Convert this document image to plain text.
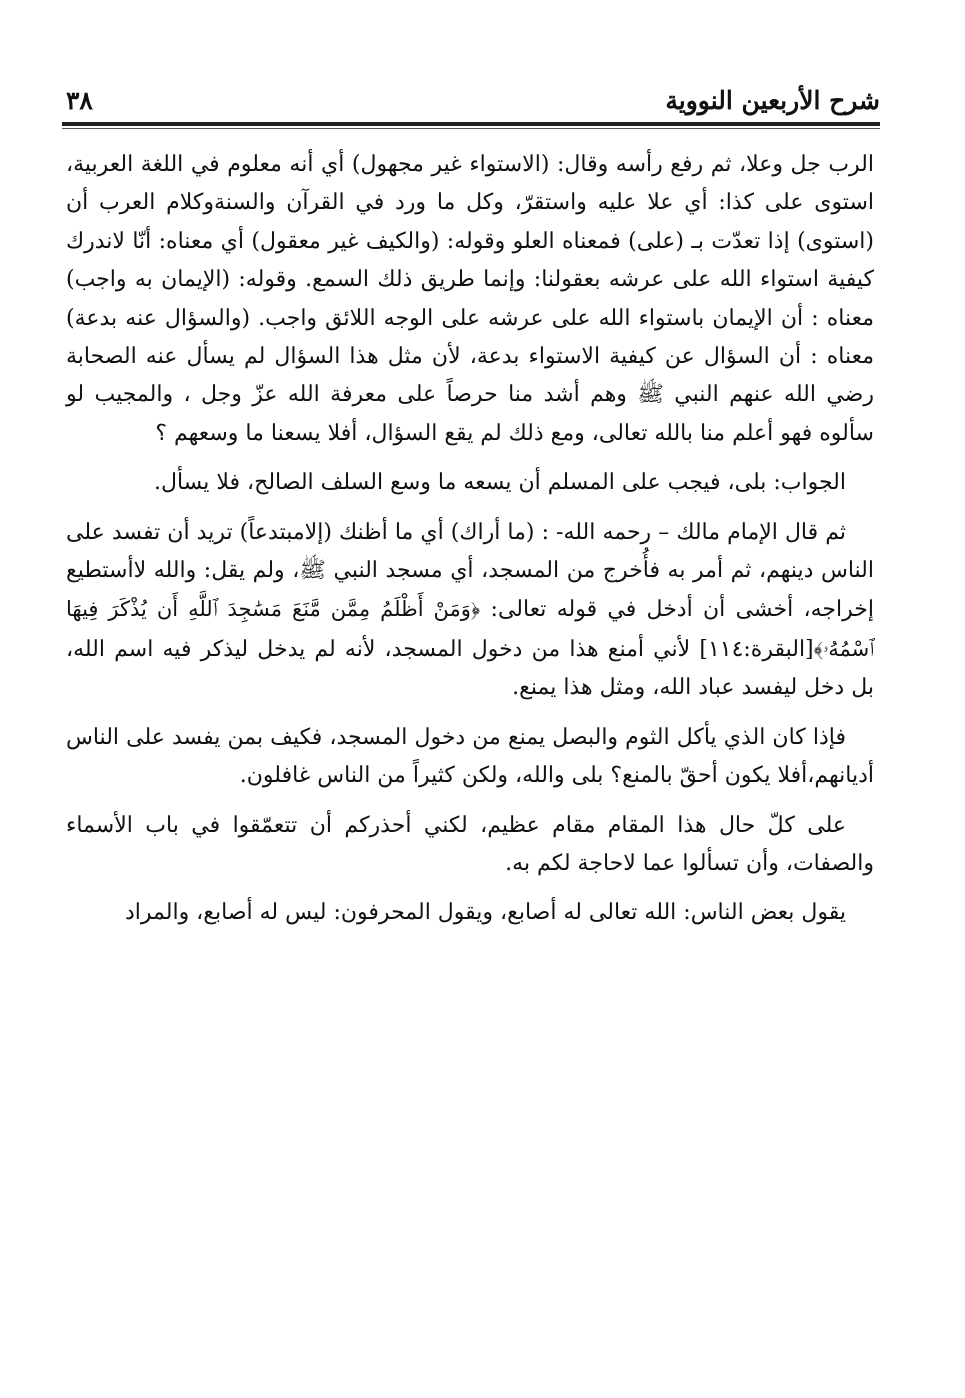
شرح الأربعين النووية
٣٨

الرب جل وعلا، ثم رفع رأسه وقال: (الاستواء غير مجهول) أي أنه معلوم في اللغة العربية، استوى على كذا: أي علا عليه واستقرّ، وكل ما ورد في القرآن والسنةوكلام العرب أن (استوى) إذا تعدّت بـ (على) فمعناه العلو وقوله: (والكيف غير معقول) أي معناه: أنّا لاندرك كيفية استواء الله على عرشه بعقولنا: وإنما طريق ذلك السمع. وقوله: (الإيمان به واجب) معناه : أن الإيمان باستواء الله على عرشه على الوجه اللائق واجب. (والسؤال عنه بدعة) معناه : أن السؤال عن كيفية الاستواء بدعة، لأن مثل هذا السؤال لم يسأل عنه الصحابة رضي الله عنهم النبي ﷺ وهم أشد منا حرصاً على معرفة الله عزّ وجل ، والمجيب لو سألوه فهو أعلم منا بالله تعالى، ومع ذلك لم يقع السؤال، أفلا يسعنا ما وسعهم ؟

الجواب: بلى، فيجب على المسلم أن يسعه ما وسع السلف الصالح، فلا يسأل.

ثم قال الإمام مالك – رحمه الله- : (ما أراك) أي ما أظنك (إلامبتدعاً) تريد أن تفسد على الناس دينهم، ثم أمر به فأُخرج من المسجد، أي مسجد النبي ﷺ، ولم يقل: والله لاأستطيع إخراجه، أخشى أن أدخل في قوله تعالى: ﴿وَمَنْ أَظْلَمُ مِمَّن مَّنَعَ مَسَٰجِدَ ٱللَّهِ أَن يُذْكَرَ فِيهَا ٱسْمُهُۥ﴾[البقرة:١١٤] لأني أمنع هذا من دخول المسجد، لأنه لم يدخل ليذكر فيه اسم الله، بل دخل ليفسد عباد الله، ومثل هذا يمنع.

فإذا كان الذي يأكل الثوم والبصل يمنع من دخول المسجد، فكيف بمن يفسد على الناس أديانهم،أفلا يكون أحقّ بالمنع؟ بلى والله، ولكن كثيراً من الناس غافلون.

على كلّ حال هذا المقام مقام عظيم، لكني أحذركم أن تتعمّقوا في باب الأسماء والصفات، وأن تسألوا عما لاحاجة لكم به.

يقول بعض الناس: الله تعالى له أصابع، ويقول المحرفون: ليس له أصابع، والمراد
